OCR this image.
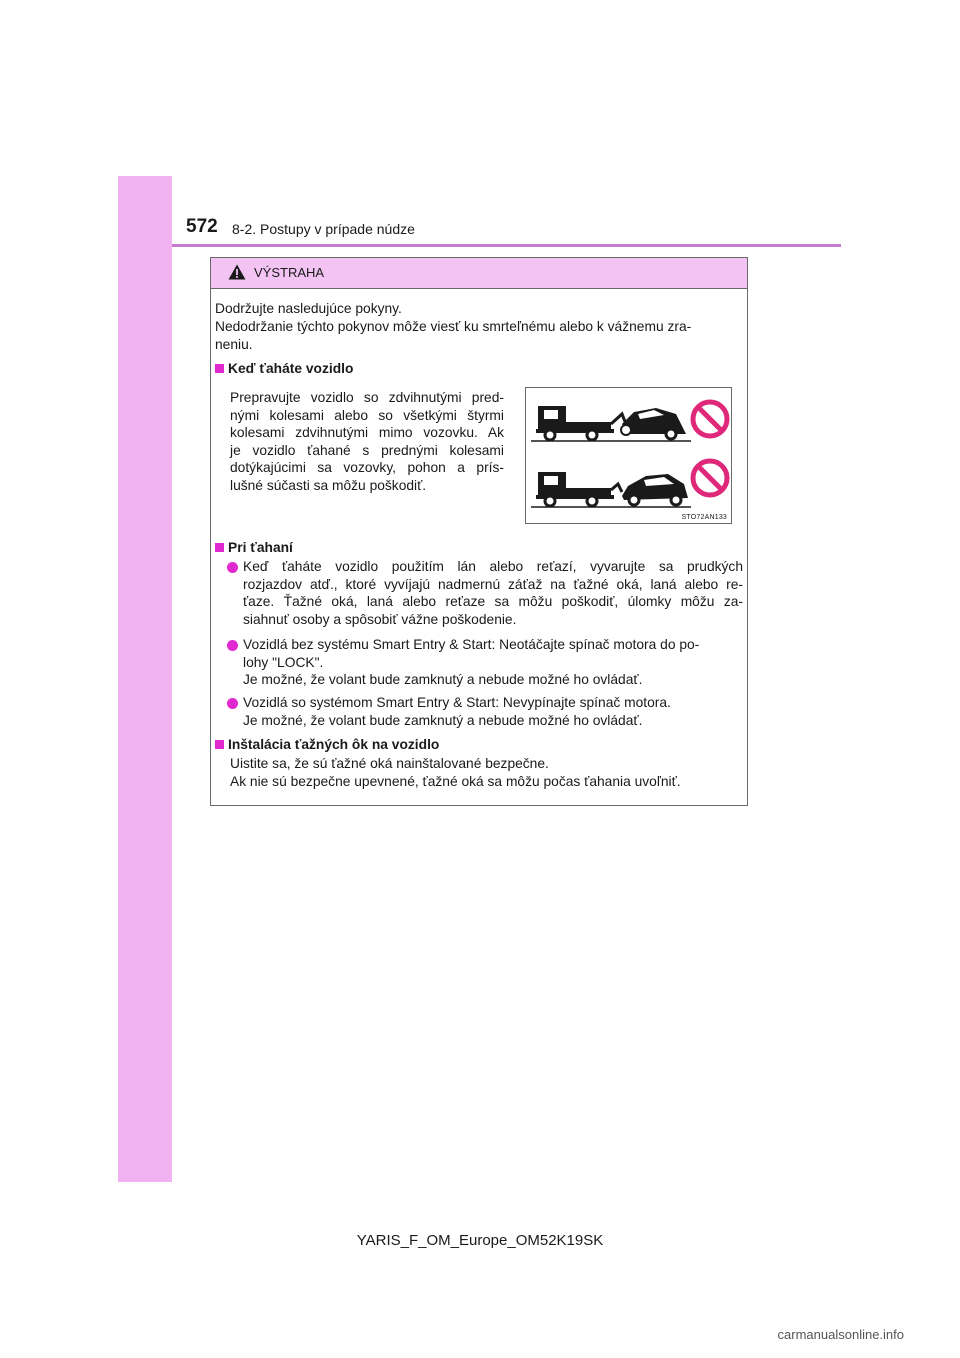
572 8-2. Postupy v prípade núdze
VÝSTRAHA
Dodržujte nasledujúce pokyny.
Nedodržanie týchto pokynov môže viesť ku smrteľnému alebo k vážnemu zra-
neniu.
Keď ťaháte vozidlo
Prepravujte vozidlo so zdvihnutými pred-
nými kolesami alebo so všetkými štyrmi
kolesami zdvihnutými mimo vozovku. Ak
je vozidlo ťahané s prednými kolesami
dotýkajúcimi sa vozovky, pohon a prís-
lušné súčasti sa môžu poškodiť.
STO72AN133
Pri ťahaní
Keď ťaháte vozidlo použitím lán alebo reťazí, vyvarujte sa prudkých
rozjazdov atď., ktoré vyvíjajú nadmernú záťaž na ťažné oká, laná alebo re-
ťaze. Ťažné oká, laná alebo reťaze sa môžu poškodiť, úlomky môžu za-
siahnuť osoby a spôsobiť vážne poškodenie.
Vozidlá bez systému Smart Entry & Start: Neotáčajte spínač motora do po-
lohy "LOCK".
Je možné, že volant bude zamknutý a nebude možné ho ovládať.
Vozidlá so systémom Smart Entry & Start: Nevypínajte spínač motora.
Je možné, že volant bude zamknutý a nebude možné ho ovládať.
Inštalácia ťažných ôk na vozidlo
Uistite sa, že sú ťažné oká nainštalované bezpečne.
Ak nie sú bezpečne upevnené, ťažné oká sa môžu počas ťahania uvoľniť.
YARIS_F_OM_Europe_OM52K19SK
carmanualsonline.info
